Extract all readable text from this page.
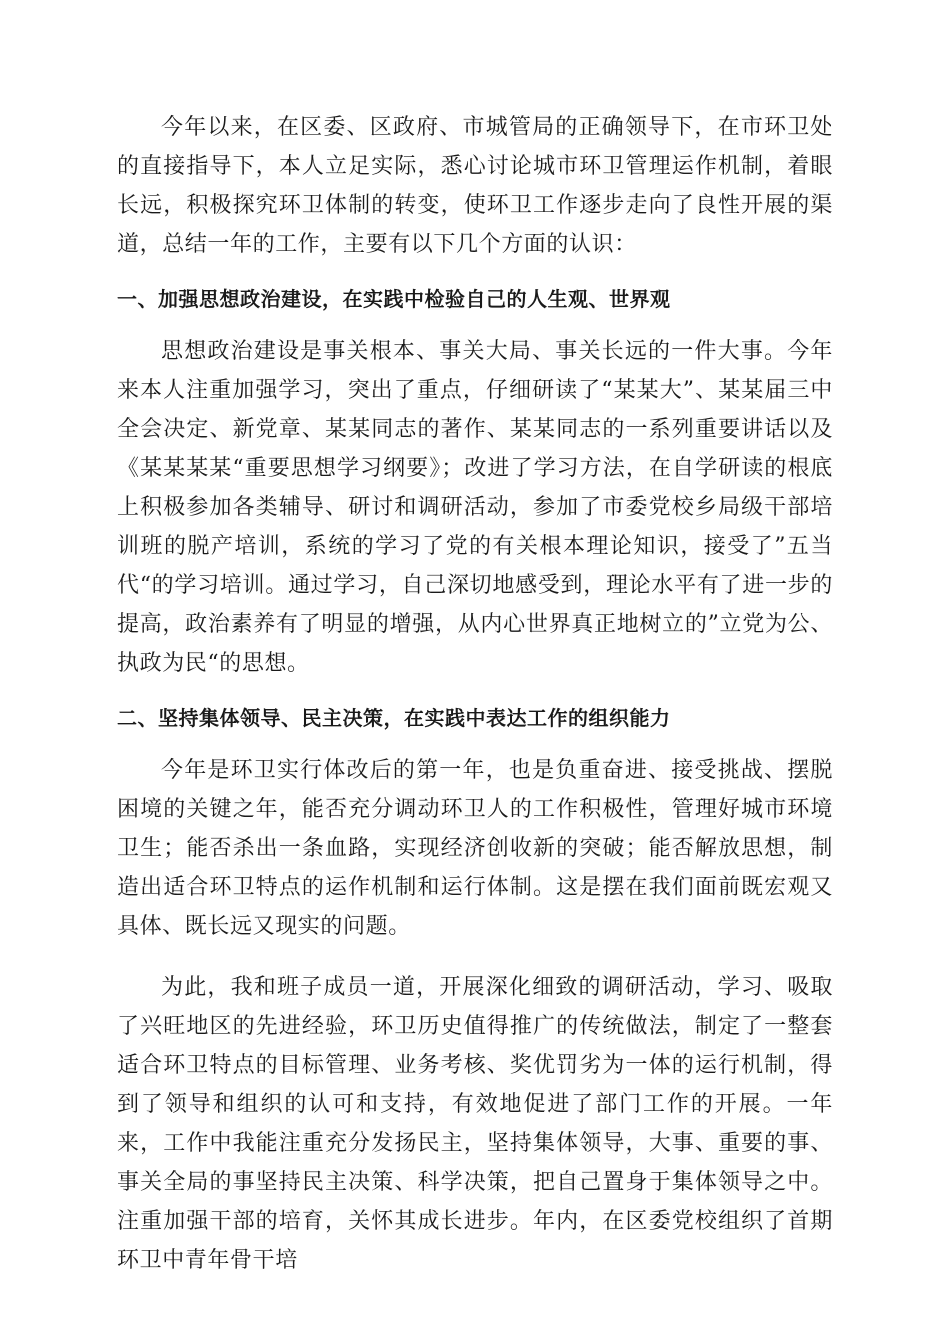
今年以来，在区委、区政府、市城管局的正确领导下，在市环卫处的直接指导下，本人立足实际，悉心讨论城市环卫管理运作机制，着眼长远，积极探究环卫体制的转变，使环卫工作逐步走向了良性开展的渠道，总结一年的工作，主要有以下几个方面的认识：

一、加强思想政治建设，在实践中检验自己的人生观、世界观

思想政治建设是事关根本、事关大局、事关长远的一件大事。今年来本人注重加强学习，突出了重点，仔细研读了“某某大”、某某届三中全会决定、新党章、某某同志的著作、某某同志的一系列重要讲话以及《某某某某“重要思想学习纲要》；改进了学习方法，在自学研读的根底上积极参加各类辅导、研讨和调研活动，参加了市委党校乡局级干部培训班的脱产培训，系统的学习了党的有关根本理论知识，接受了”五当代“的学习培训。通过学习，自己深切地感受到，理论水平有了进一步的提高，政治素养有了明显的增强，从内心世界真正地树立的”立党为公、执政为民“的思想。

二、坚持集体领导、民主决策，在实践中表达工作的组织能力

今年是环卫实行体改后的第一年，也是负重奋进、接受挑战、摆脱困境的关键之年，能否充分调动环卫人的工作积极性，管理好城市环境卫生；能否杀出一条血路，实现经济创收新的突破；能否解放思想，制造出适合环卫特点的运作机制和运行体制。这是摆在我们面前既宏观又具体、既长远又现实的问题。

为此，我和班子成员一道，开展深化细致的调研活动，学习、吸取了兴旺地区的先进经验，环卫历史值得推广的传统做法，制定了一整套适合环卫特点的目标管理、业务考核、奖优罚劣为一体的运行机制，得到了领导和组织的认可和支持，有效地促进了部门工作的开展。一年来，工作中我能注重充分发扬民主，坚持集体领导，大事、重要的事、事关全局的事坚持民主决策、科学决策，把自己置身于集体领导之中。注重加强干部的培育，关怀其成长进步。年内，在区委党校组织了首期环卫中青年骨干培
